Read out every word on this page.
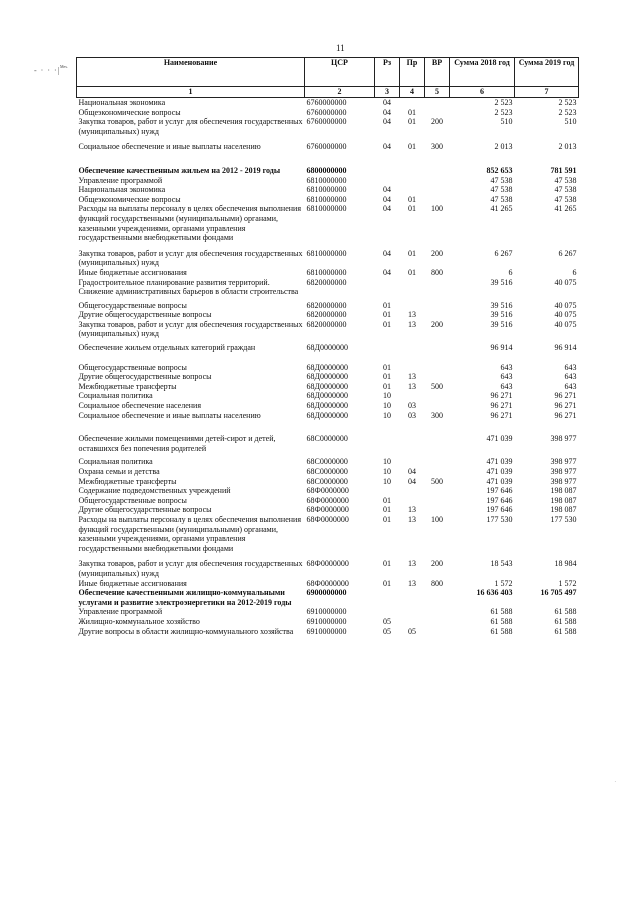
11
Mes.
- · · ·|
Наименование	ЦСР	Рз	Пр	ВР	Сумма 2018 год	Сумма 2019 год
1	2	3	4	5	6	7
Национальная экономика	6760000000	04			2 523	2 523
Общеэкономические вопросы	6760000000	04	01		2 523	2 523
Закупка товаров, работ и услуг для обеспечения государственных (муниципальных) нужд	6760000000	04	01	200	510	510
Социальное обеспечение и иные выплаты населению	6760000000	04	01	300	2 013	2 013
Обеспечение качественным жильем на 2012 - 2019 годы	6800000000				852 653	781 591
Управление программой	6810000000				47 538	47 538
Национальная экономика	6810000000	04			47 538	47 538
Общеэкономические вопросы	6810000000	04	01		47 538	47 538
Расходы на выплаты персоналу в целях обеспечения выполнения функций государственными (муниципальными) органами, казенными учреждениями, органами управления государственными внебюджетными фондами	6810000000	04	01	100	41 265	41 265
Закупка товаров, работ и услуг для обеспечения государственных (муниципальных) нужд	6810000000	04	01	200	6 267	6 267
Иные бюджетные ассигнования	6810000000	04	01	800	6	6
Градостроительное планирование развития территорий. Снижение административных барьеров в области строительства	6820000000				39 516	40 075
Общегосударственные вопросы	6820000000	01			39 516	40 075
Другие общегосударственные вопросы	6820000000	01	13		39 516	40 075
Закупка товаров, работ и услуг для обеспечения государственных (муниципальных) нужд	6820000000	01	13	200	39 516	40 075
Обеспечение жильем отдельных категорий граждан	68Д0000000				96 914	96 914
Общегосударственные вопросы	68Д0000000	01			643	643
Другие общегосударственные вопросы	68Д0000000	01	13		643	643
Межбюджетные трансферты	68Д0000000	01	13	500	643	643
Социальная политика	68Д0000000	10			96 271	96 271
Социальное обеспечение населения	68Д0000000	10	03		96 271	96 271
Социальное обеспечение и иные выплаты населению	68Д0000000	10	03	300	96 271	96 271
Обеспечение жилыми помещениями детей-сирот и детей, оставшихся без попечения родителей	68С0000000				471 039	398 977
Социальная политика	68С0000000	10			471 039	398 977
Охрана семьи и детства	68С0000000	10	04		471 039	398 977
Межбюджетные трансферты	68С0000000	10	04	500	471 039	398 977
Содержание подведомственных учреждений	68Ф0000000				197 646	198 087
Общегосударственные вопросы	68Ф0000000	01			197 646	198 087
Другие общегосударственные вопросы	68Ф0000000	01	13		197 646	198 087
Расходы на выплаты персоналу в целях обеспечения выполнения функций государственными (муниципальными) органами, казенными учреждениями, органами управления государственными внебюджетными фондами	68Ф0000000	01	13	100	177 530	177 530
Закупка товаров, работ и услуг для обеспечения государственных (муниципальных) нужд	68Ф0000000	01	13	200	18 543	18 984
Иные бюджетные ассигнования	68Ф0000000	01	13	800	1 572	1 572
Обеспечение качественными жилищно-коммунальными услугами и развитие электроэнергетики на 2012-2019 годы	6900000000				16 636 403	16 705 497
Управление программой	6910000000				61 588	61 588
Жилищно-коммунальное хозяйство	6910000000	05			61 588	61 588
Другие вопросы в области жилищно-коммунального хозяйства	6910000000	05	05		61 588	61 588
·
